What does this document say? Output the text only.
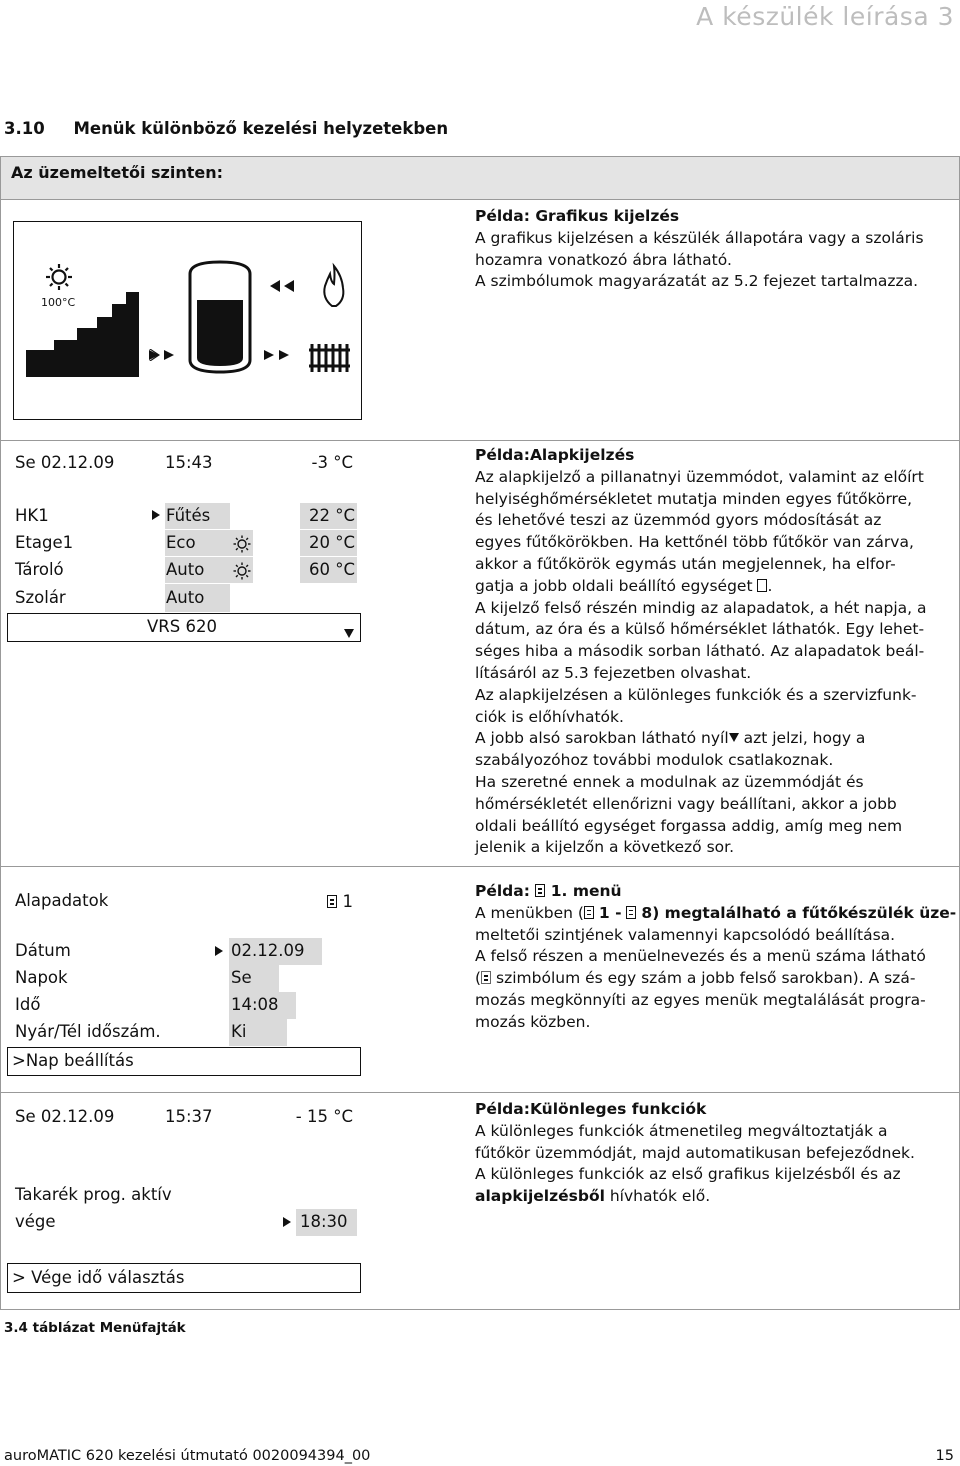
A készülék leírása 3
3.10 Menük különböző kezelési helyzetekben
Az üzemeltetői szinten:
100°C

Példa: Grafikus kijelzés

A grafikus kijelzésen a készülék állapotára vagy a szoláris

hozamra vonatkozó ábra látható.

A szimbólumok magyarázatát az 5.2 fejezet tartalmazza.

Se 02.12.09	15:43	-3 °C
HK1	Fűtés	22 °C
Etage1	Eco	20 °C
Tároló	Auto	60 °C
Szolár	Auto
VRS 620

Példa:Alapkijelzés

Az alapkijelző a pillanatnyi üzemmódot, valamint az előírt

helyiséghőmérsékletet mutatja minden egyes fűtőkörre,

és lehetővé teszi az üzemmód gyors módosítását az

egyes fűtőkörökben. Ha kettőnél több fűtőkör van zárva,

akkor a fűtőkörök egymás után megjelennek, ha elfor-

gatja a jobb oldali beállító egységet .

A kijelző felső részén mindig az alapadatok, a hét napja, a

dátum, az óra és a külső hőmérséklet láthatók. Egy lehet-

séges hiba a második sorban látható. Az alapadatok beál-

lításáról az 5.3 fejezetben olvashat.

Az alapkijelzésen a különleges funkciók és a szervizfunk-

ciók is előhívhatók.

A jobb alsó sarokban látható nyíl azt jelzi, hogy a

szabályozóhoz további modulok csatlakoznak.

Ha szeretné ennek a modulnak az üzemmódját és

hőmérsékletét ellenőrizni vagy beállítani, akkor a jobb

oldali beállító egységet forgassa addig, amíg meg nem

jelenik a kijelzőn a következő sor.

Alapadatok	1
Dátum	02.12.09
Napok	Se
Idő	14:08
Nyár/Tél időszám.	Ki
>Nap beállítás

Példa: 1. menü

A menükben ( 1 - 8) megtalálható a fűtőkészülék üze-

meltetői szintjének valamennyi kapcsolódó beállítása.

A felső részen a menüelnevezés és a menü száma látható

( szimbólum és egy szám a jobb felső sarokban). A szá-

mozás megkönnyíti az egyes menük megtalálását progra-

mozás közben.

Se 02.12.09	15:37	- 15 °C
Takarék prog. aktív
vége	18:30
> Vége idő választás

Példa:Különleges funkciók

A különleges funkciók átmenetileg megváltoztatják a

fűtőkör üzemmódját, majd automatikusan befejeződnek.

A különleges funkciók az első grafikus kijelzésből és az

alapkijelzésből hívhatók elő.

3.4 táblázat Menüfajták
auroMATIC 620 kezelési útmutató 0020094394_00	15
